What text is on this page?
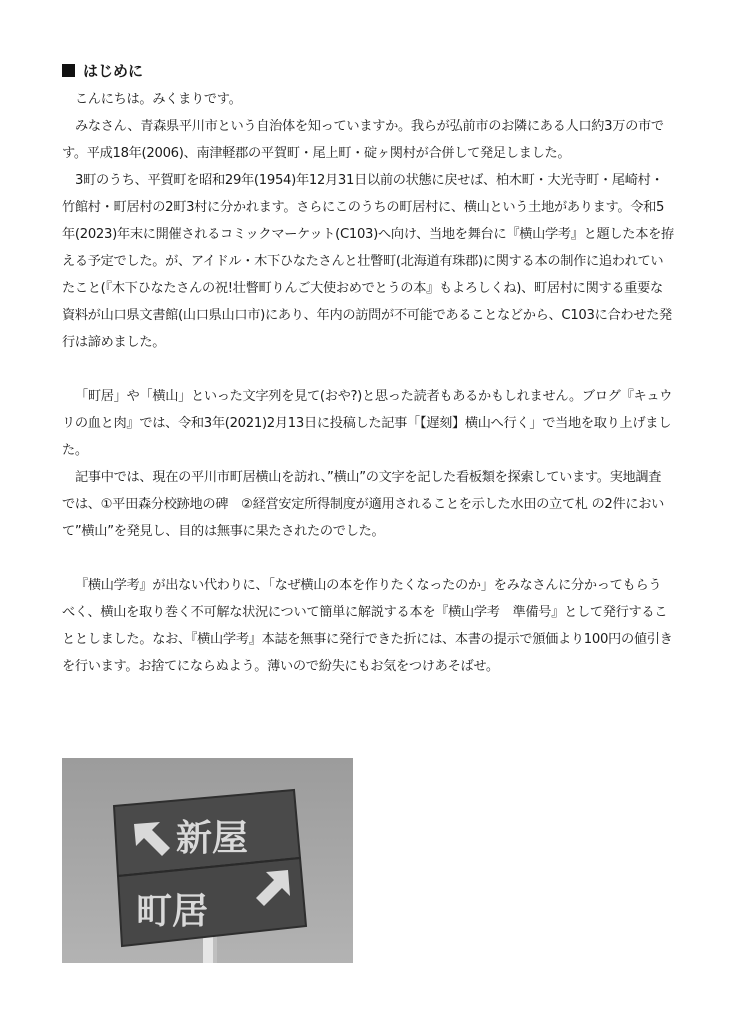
はじめに

こんにちは。みくまりです。

みなさん、青森県平川市という自治体を知っていますか。我らが弘前市のお隣にある人口約3万の市です。平成18年(2006)、南津軽郡の平賀町・尾上町・碇ヶ関村が合併して発足しました。

3町のうち、平賀町を昭和29年(1954)年12月31日以前の状態に戻せば、柏木町・大光寺町・尾崎村・竹館村・町居村の2町3村に分かれます。さらにこのうちの町居村に、横山という土地があります。令和5年(2023)年末に開催されるコミックマーケット(C103)へ向け、当地を舞台に『横山学考』と題した本を拵える予定でした。が、アイドル・木下ひなたさんと壮瞥町(北海道有珠郡)に関する本の制作に追われていたこと(『木下ひなたさんの祝!壮瞥町りんご大使おめでとうの本』もよろしくね)、町居村に関する重要な資料が山口県文書館(山口県山口市)にあり、年内の訪問が不可能であることなどから、C103に合わせた発行は諦めました。

「町居」や「横山」といった文字列を見て(おや?)と思った読者もあるかもしれません。ブログ『キュウリの血と肉』では、令和3年(2021)2月13日に投稿した記事「【遅刻】横山へ行く」で当地を取り上げました。

記事中では、現在の平川市町居横山を訪れ、”横山”の文字を記した看板類を探索しています。実地調査では、①平田森分校跡地の碑　②経営安定所得制度が適用されることを示した水田の立て札 の2件において”横山”を発見し、目的は無事に果たされたのでした。

『横山学考』が出ない代わりに、「なぜ横山の本を作りたくなったのか」をみなさんに分かってもらうべく、横山を取り巻く不可解な状況について簡単に解説する本を『横山学考　準備号』として発行することとしました。なお、『横山学考』本誌を無事に発行できた折には、本書の提示で頒価より100円の値引きを行います。お捨てにならぬよう。薄いので紛失にもお気をつけあそばせ。

新屋
町居
